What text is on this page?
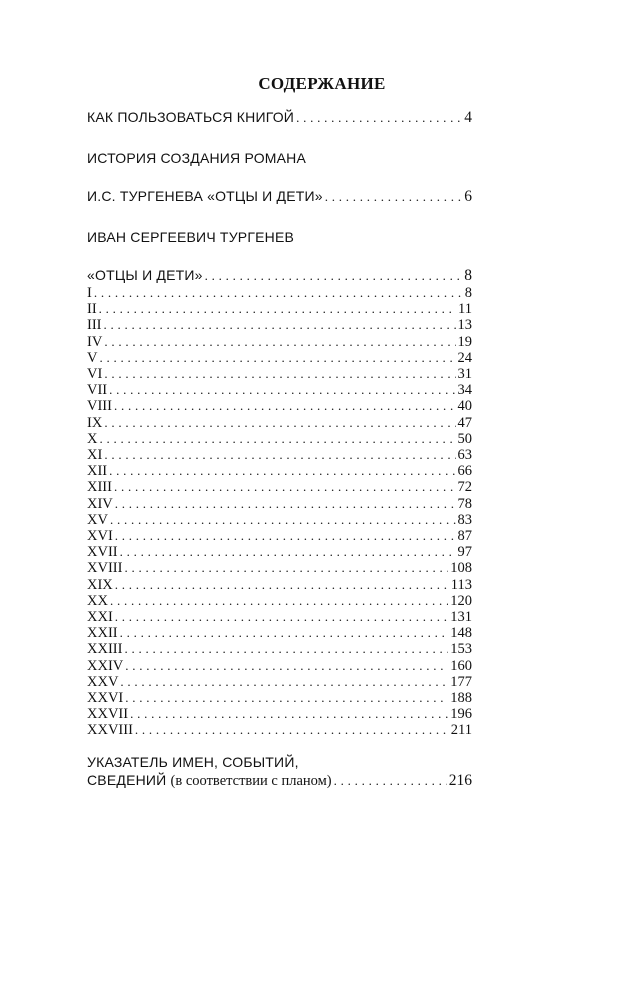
СОДЕРЖАНИЕ
КАК ПОЛЬЗОВАТЬСЯ КНИГОЙ . . .	4
ИСТОРИЯ СОЗДАНИЯ РОМАНА
И.С. ТУРГЕНЕВА «ОТЦЫ И ДЕТИ» . . .	6
ИВАН СЕРГЕЕВИЧ ТУРГЕНЕВ
«ОТЦЫ И ДЕТИ» . . .	8
I . . .	8
II . . .	11
III . . .	13
IV . . .	19
V . . .	24
VI . . .	31
VII . . .	34
VIII . . .	40
IX . . .	47
X . . .	50
XI . . .	63
XII . . .	66
XIII . . .	72
XIV . . .	78
XV . . .	83
XVI . . .	87
XVII . . .	97
XVIII . . .	108
XIX . . .	113
XX . . .	120
XXI . . .	131
XXII . . .	148
XXIII . . .	153
XXIV . . .	160
XXV . . .	177
XXVI . . .	188
XXVII . . .	196
XXVIII . . .	211
УКАЗАТЕЛЬ ИМЕН, СОБЫТИЙ,
СВЕДЕНИЙ (в соответствии с планом) . . .	216
